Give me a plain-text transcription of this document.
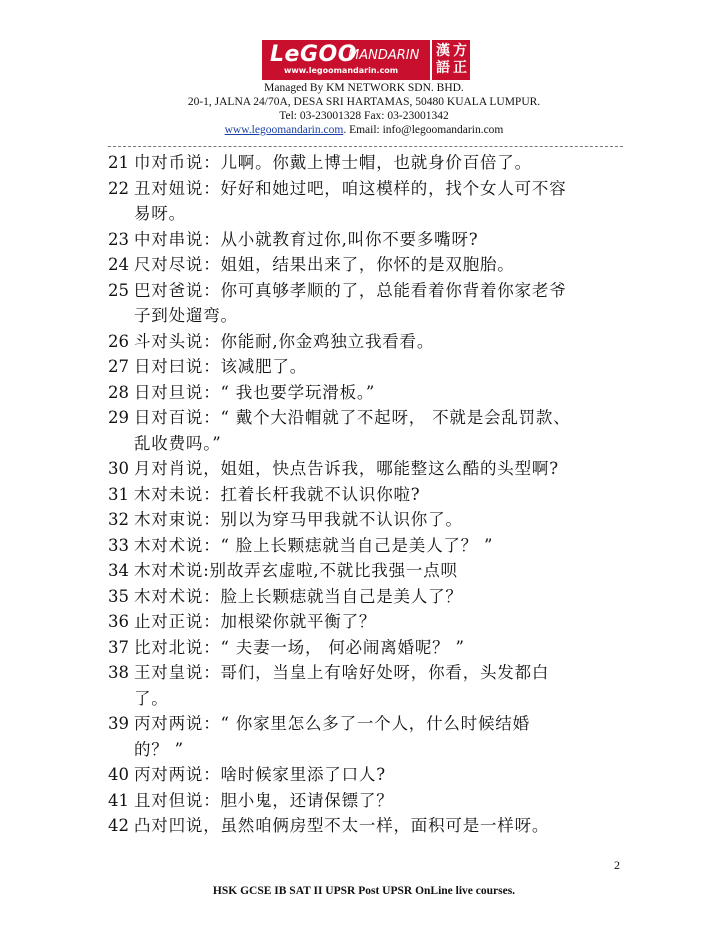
LeGOO
MANDARIN
www.legoomandarin.com
漢 方
語 正
Managed By KM NETWORK SDN. BHD.
20-1, JALNA 24/70A, DESA SRI HARTAMAS, 50480 KUALA LUMPUR.
Tel: 03-23001328 Fax: 03-23001342
www.legoomandarin.com. Email: info@legoomandarin.com
21 巾对币说：儿啊。你戴上博士帽，也就身价百倍了。
22 丑对妞说：好好和她过吧，咱这模样的，找个女人可不容
易呀。
23 中对串说：从小就教育过你,叫你不要多嘴呀?
24 尺对尽说：姐姐，结果出来了，你怀的是双胞胎。
25 巴对爸说：你可真够孝顺的了，总能看着你背着你家老爷
子到处遛弯。
26 斗对头说：你能耐,你金鸡独立我看看。
27 日对曰说：该减肥了。
28 日对旦说：“ 我也要学玩滑板。”
29 日对百说：“ 戴个大沿帽就了不起呀， 不就是会乱罚款、
乱收费吗。”
30 月对肖说，姐姐，快点告诉我，哪能整这么酷的头型啊?
31 木对未说：扛着长杆我就不认识你啦?
32 木对束说：别以为穿马甲我就不认识你了。
33 木对术说：“ 脸上长颗痣就当自己是美人了？ ”
34 木对术说:别故弄玄虚啦,不就比我强一点呗
35 木对术说：脸上长颗痣就当自己是美人了？
36 止对正说：加根梁你就平衡了？
37 比对北说：“ 夫妻一场， 何必闹离婚呢？ ”
38 王对皇说：哥们，当皇上有啥好处呀，你看，头发都白
了。
39 丙对两说：“ 你家里怎么多了一个人，什么时候结婚
的？ ”
40 丙对两说：啥时候家里添了口人?
41 且对但说：胆小鬼，还请保镖了？
42 凸对凹说，虽然咱俩房型不太一样，面积可是一样呀。
2
HSK GCSE IB SAT II UPSR Post UPSR OnLine live courses.
